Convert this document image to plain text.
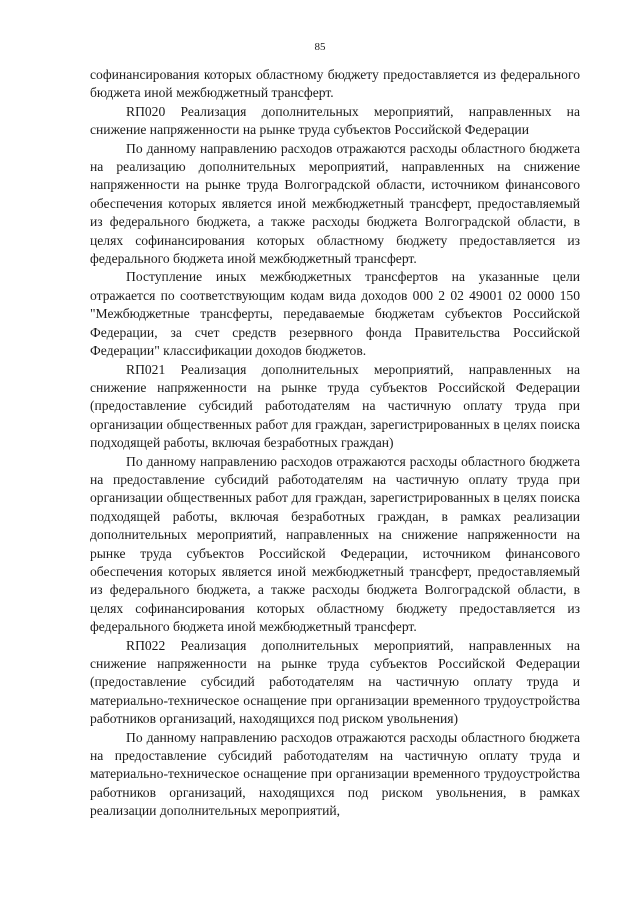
85

софинансирования которых областному бюджету предоставляется из федерального бюджета иной межбюджетный трансферт.

RП020 Реализация дополнительных мероприятий, направленных на снижение напряженности на рынке труда субъектов Российской Федерации

По данному направлению расходов отражаются расходы областного бюджета на реализацию дополнительных мероприятий, направленных на снижение напряженности на рынке труда Волгоградской области, источником финансового обеспечения которых является иной межбюджетный трансферт, предоставляемый из федерального бюджета, а также расходы бюджета Волгоградской области, в целях софинансирования которых областному бюджету предоставляется из федерального бюджета иной межбюджетный трансферт.

Поступление иных межбюджетных трансфертов на указанные цели отражается по соответствующим кодам вида доходов 000 2 02 49001 02 0000 150 "Межбюджетные трансферты, передаваемые бюджетам субъектов Российской Федерации, за счет средств резервного фонда Правительства Российской Федерации" классификации доходов бюджетов.

RП021 Реализация дополнительных мероприятий, направленных на снижение напряженности на рынке труда субъектов Российской Федерации (предоставление субсидий работодателям на частичную оплату труда при организации общественных работ для граждан, зарегистрированных в целях поиска подходящей работы, включая безработных граждан)

По данному направлению расходов отражаются расходы областного бюджета на предоставление субсидий работодателям на частичную оплату труда при организации общественных работ для граждан, зарегистрированных в целях поиска подходящей работы, включая безработных граждан, в рамках реализации дополнительных мероприятий, направленных на снижение напряженности на рынке труда субъектов Российской Федерации, источником финансового обеспечения которых является иной межбюджетный трансферт, предоставляемый из федерального бюджета, а также расходы бюджета Волгоградской области, в целях софинансирования которых областному бюджету предоставляется из федерального бюджета иной межбюджетный трансферт.

RП022 Реализация дополнительных мероприятий, направленных на снижение напряженности на рынке труда субъектов Российской Федерации (предоставление субсидий работодателям на частичную оплату труда и материально-техническое оснащение при организации временного трудоустройства работников организаций, находящихся под риском увольнения)

По данному направлению расходов отражаются расходы областного бюджета на предоставление субсидий работодателям на частичную оплату труда и материально-техническое оснащение при организации временного трудоустройства работников организаций, находящихся под риском увольнения, в рамках реализации дополнительных мероприятий,
